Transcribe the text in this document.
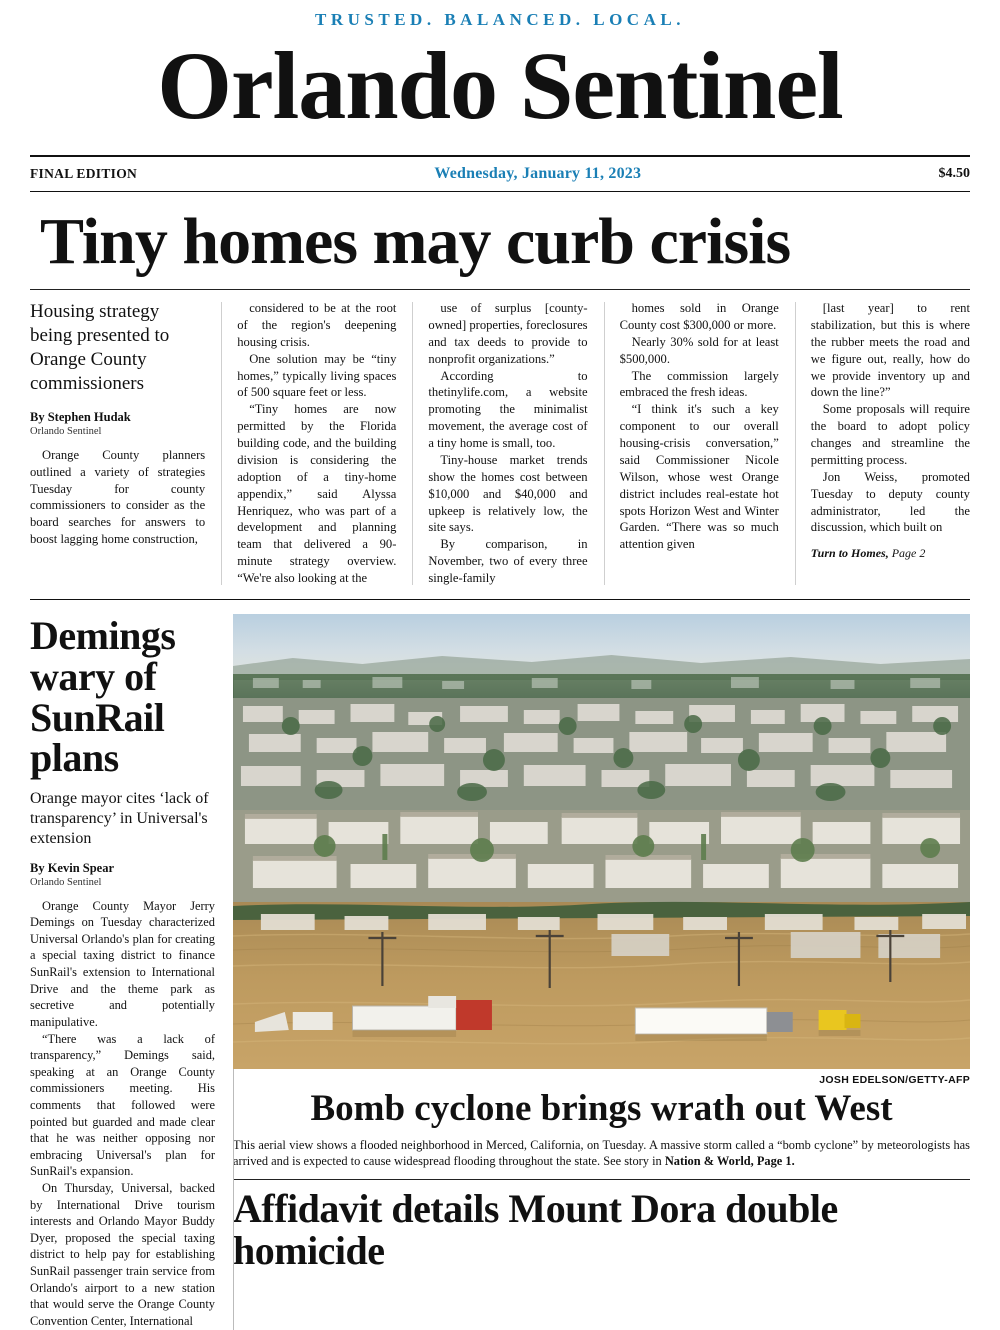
TRUSTED. BALANCED. LOCAL.
Orlando Sentinel
FINAL EDITION	Wednesday, January 11, 2023	$4.50
Tiny homes may curb crisis
Housing strategy being presented to Orange County commissioners
By Stephen Hudak
Orlando Sentinel

Orange County planners outlined a variety of strategies Tuesday for county commissioners to consider as the board searches for answers to boost lagging home construction,

considered to be at the root of the region's deepening housing crisis.

One solution may be “tiny homes,” typically living spaces of 500 square feet or less.

“Tiny homes are now permitted by the Florida building code, and the building division is considering the adoption of a tiny-home appendix,” said Alyssa Henriquez, who was part of a development and planning team that delivered a 90-minute strategy overview. “We're also looking at the

use of surplus [county-owned] properties, foreclosures and tax deeds to provide to nonprofit organizations.”

According to thetinylife.com, a website promoting the minimalist movement, the average cost of a tiny home is small, too.

Tiny-house market trends show the homes cost between $10,000 and $40,000 and upkeep is relatively low, the site says.

By comparison, in November, two of every three single-family

homes sold in Orange County cost $300,000 or more.

Nearly 30% sold for at least $500,000.

The commission largely embraced the fresh ideas.

“I think it's such a key component to our overall housing-crisis conversation,” said Commissioner Nicole Wilson, whose west Orange district includes real-estate hot spots Horizon West and Winter Garden. “There was so much attention given

[last year] to rent stabilization, but this is where the rubber meets the road and we figure out, really, how do we provide inventory up and down the line?”

Some proposals will require the board to adopt policy changes and streamline the permitting process.

Jon Weiss, promoted Tuesday to deputy county administrator, led the discussion, which built on

Turn to Homes, Page 2
Demings wary of SunRail plans
Orange mayor cites ‘lack of transparency’ in Universal's extension
By Kevin Spear
Orlando Sentinel

Orange County Mayor Jerry Demings on Tuesday characterized Universal Orlando's plan for creating a special taxing district to finance SunRail's extension to International Drive and the theme park as secretive and potentially manipulative.

“There was a lack of transparency,” Demings said, speaking at an Orange County commissioners meeting. His comments that followed were pointed but guarded and made clear that he was neither opposing nor embracing Universal's plan for SunRail's expansion.

On Thursday, Universal, backed by International Drive tourism interests and Orlando Mayor Buddy Dyer, proposed the special taxing district to help pay for establishing SunRail passenger train service from Orlando's airport to a new station that would serve the Orange County Convention Center, International

JOSH EDELSON/GETTY-AFP
Bomb cyclone brings wrath out West

This aerial view shows a flooded neighborhood in Merced, California, on Tuesday. A massive storm called a “bomb cyclone” by meteorologists has arrived and is expected to cause widespread flooding throughout the state. See story in Nation & World, Page 1.

Affidavit details Mount Dora double homicide
